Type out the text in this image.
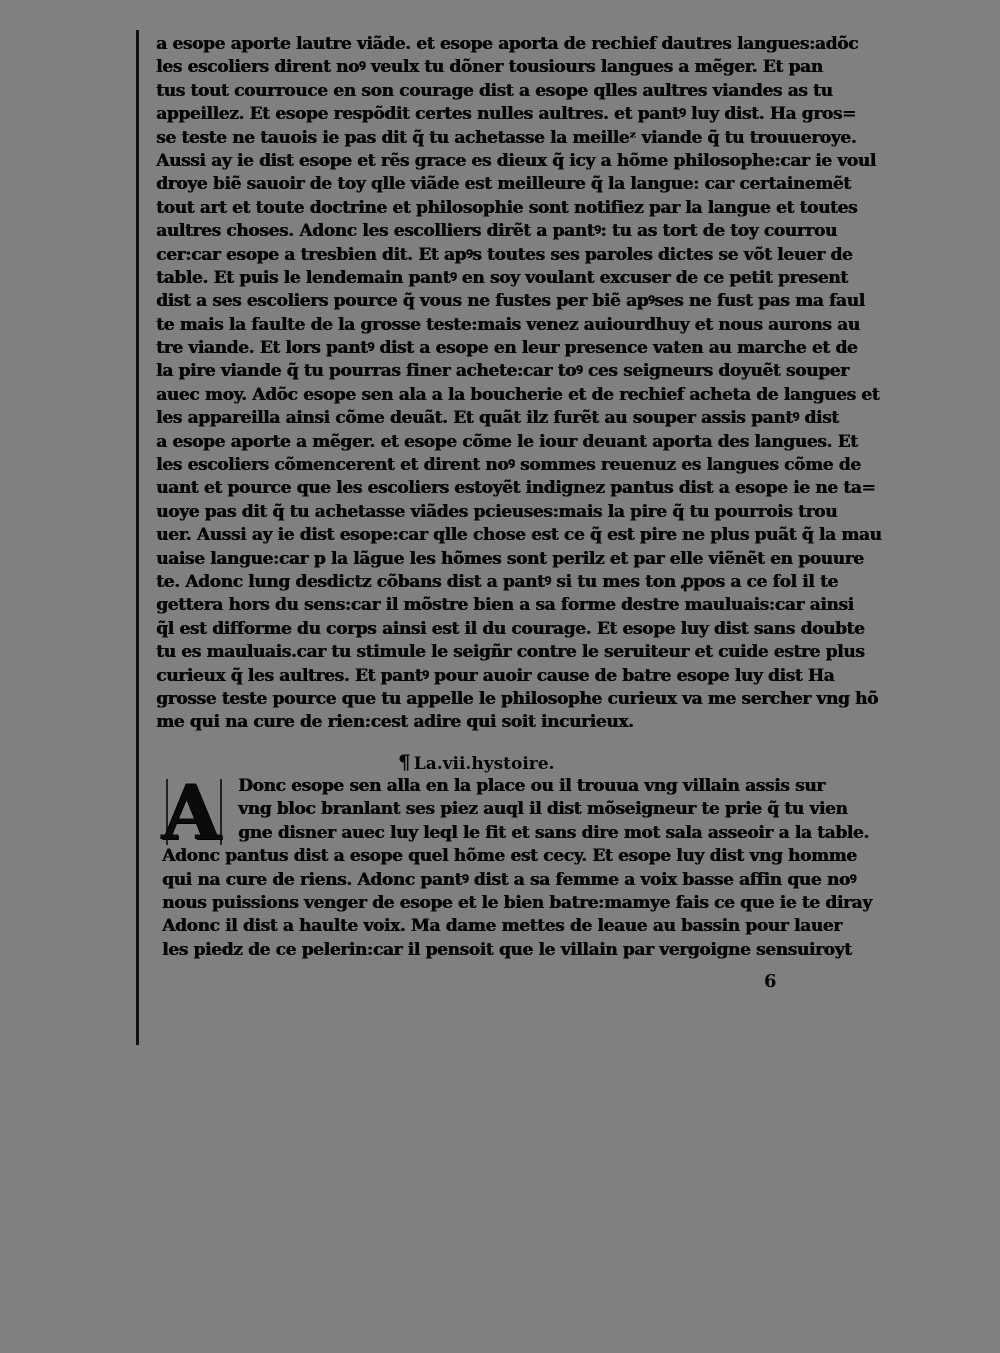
a esope aporte lautre viãde. et esope aporta de rechief dautres langues:adõc
les escoliers dirent noꝰ veulx tu dõner tousiours langues a mẽger. Et pan
tus tout courrouce en son courage dist a esope qlles aultres viandes as tu
appeillez. Et esope respõdit certes nulles aultres. et pantꝰ luy dist. Ha gros=
se teste ne tauois ie pas dit q̃ tu achetasse la meilleᶻ viande q̃ tu trouueroye.
Aussi ay ie dist esope et rẽs grace es dieux q̃ icy a hõme philosophe:car ie voul
droye biẽ sauoir de toy qlle viãde est meilleure q̃ la langue: car certainemẽt
tout art et toute doctrine et philosophie sont notifiez par la langue et toutes
aultres choses. Adonc les escolliers dirẽt a pantꝰ: tu as tort de toy courrou
cer:car esope a tresbien dit. Et apꝰs toutes ses paroles dictes se võt leuer de
table. Et puis le lendemain pantꝰ en soy voulant excuser de ce petit present
dist a ses escoliers pource q̃ vous ne fustes per biẽ apꝰses ne fust pas ma faul
te mais la faulte de la grosse teste:mais venez auiourdhuy et nous aurons au
tre viande. Et lors pantꝰ dist a esope en leur presence vaten au marche et de
la pire viande q̃ tu pourras finer achete:car toꝰ ces seigneurs doyuẽt souper
auec moy. Adõc esope sen ala a la boucherie et de rechief acheta de langues et
les appareilla ainsi cõme deuãt. Et quãt ilz furẽt au souper assis pantꝰ dist
a esope aporte a mẽger. et esope cõme le iour deuant aporta des langues. Et
les escoliers cõmencerent et dirent noꝰ sommes reuenuz es langues cõme de
uant et pource que les escoliers estoyẽt indignez pantus dist a esope ie ne ta=
uoye pas dit q̃ tu achetasse viãdes pcieuses:mais la pire q̃ tu pourrois trou
uer. Aussi ay ie dist esope:car qlle chose est ce q̃ est pire ne plus puãt q̃ la mau
uaise langue:car p la lãgue les hõmes sont perilz et par elle viẽnẽt en pouure
te. Adonc lung desdictz cõbans dist a pantꝰ si tu mes ton ꝓpos a ce fol il te
gettera hors du sens:car il mõstre bien a sa forme destre mauluais:car ainsi
q̃l est difforme du corps ainsi est il du courage. Et esope luy dist sans doubte
tu es mauluais.car tu stimule le seigñr contre le seruiteur et cuide estre plus
curieux q̃ les aultres. Et pantꝰ pour auoir cause de batre esope luy dist Ha
grosse teste pource que tu appelle le philosophe curieux va me sercher vng hõ
me qui na cure de rien:cest adire qui soit incurieux.
¶ La.vii.hystoire.
A	Donc esope sen alla en la place ou il trouua vng villain assis sur
vng bloc branlant ses piez auql il dist mõseigneur te prie q̃ tu vien
gne disner auec luy leql le fit et sans dire mot sala asseoir a la table.
Adonc pantus dist a esope quel hõme est cecy. Et esope luy dist vng homme
qui na cure de riens. Adonc pantꝰ dist a sa femme a voix basse affin que noꝰ
nous puissions venger de esope et le bien batre:mamye fais ce que ie te diray
Adonc il dist a haulte voix. Ma dame mettes de leaue au bassin pour lauer
les piedz de ce pelerin:car il pensoit que le villain par vergoigne sensuiroyt
6
